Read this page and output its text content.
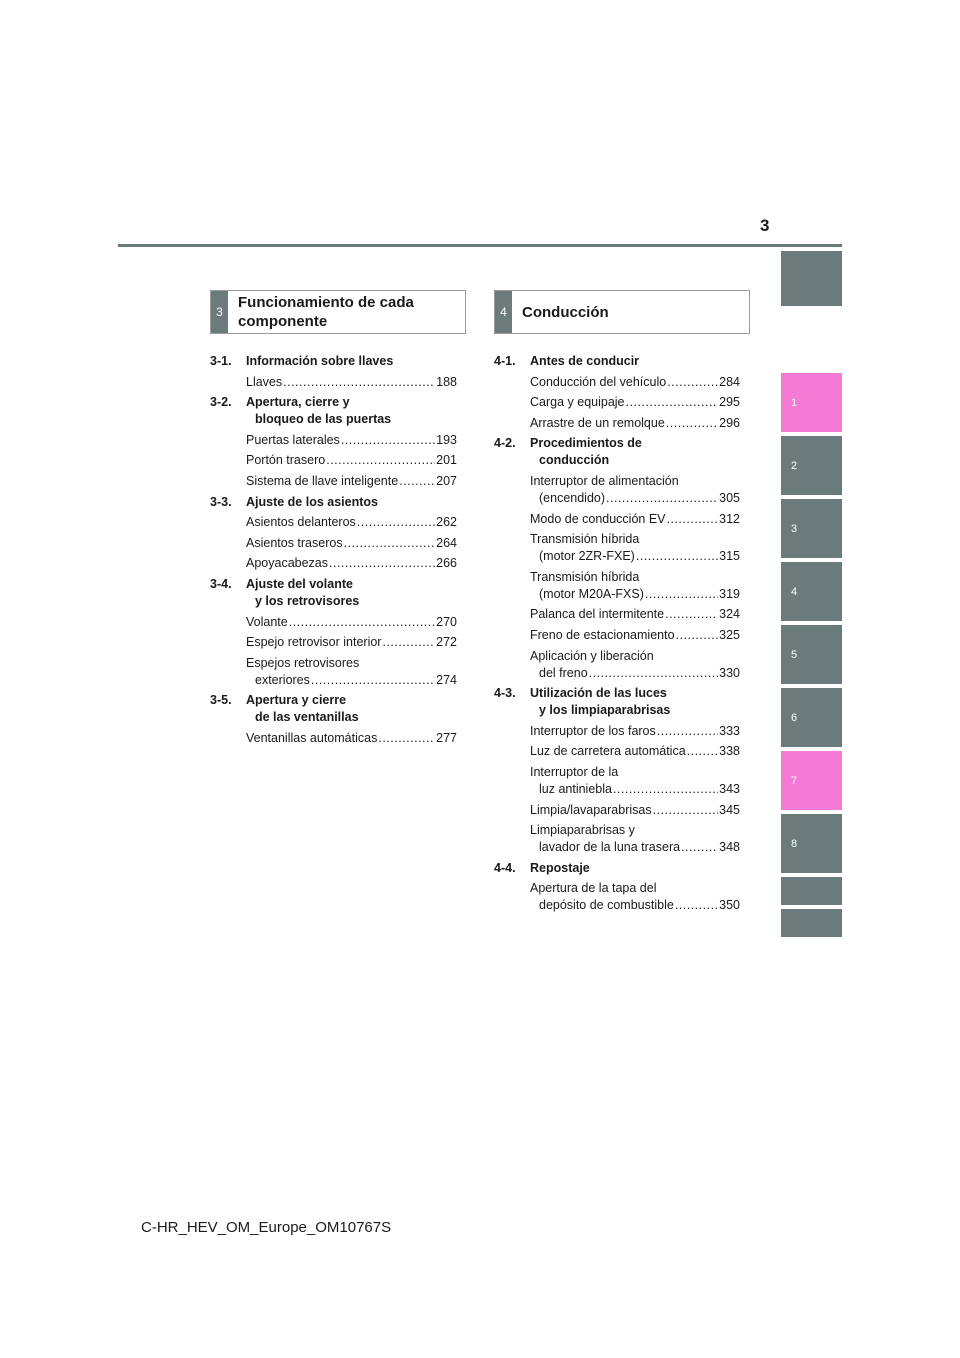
3
1
2
3
4
5
6
7
8
3
Funcionamiento de cada
componente
4	Conducción
3-1.	Información sobre llaves
Llaves .....	188
3-2.	Apertura, cierre y
bloqueo de las puertas
Puertas laterales .....	193
Portón trasero .....	201
Sistema de llave inteligente .....	207
3-3.	Ajuste de los asientos
Asientos delanteros .....	262
Asientos traseros .....	264
Apoyacabezas .....	266
3-4.	Ajuste del volante
y los retrovisores
Volante .....	270
Espejo retrovisor interior .....	272
Espejos retrovisores
exteriores .....	274
3-5.	Apertura y cierre
de las ventanillas
Ventanillas automáticas .....	277
4-1.	Antes de conducir
Conducción del vehículo .....	284
Carga y equipaje .....	295
Arrastre de un remolque .....	296
4-2.	Procedimientos de
conducción
Interruptor de alimentación
(encendido) .....	305
Modo de conducción EV .....	312
Transmisión híbrida
(motor 2ZR-FXE) .....	315
Transmisión híbrida
(motor M20A-FXS) .....	319
Palanca del intermitente .....	324
Freno de estacionamiento .....	325
Aplicación y liberación
del freno .....	330
4-3.	Utilización de las luces
y los limpiaparabrisas
Interruptor de los faros .....	333
Luz de carretera automática .....	338
Interruptor de la
luz antiniebla .....	343
Limpia/lavaparabrisas .....	345
Limpiaparabrisas y
lavador de la luna trasera .....	348
4-4.	Repostaje
Apertura de la tapa del
depósito de combustible .....	350
C-HR_HEV_OM_Europe_OM10767S
